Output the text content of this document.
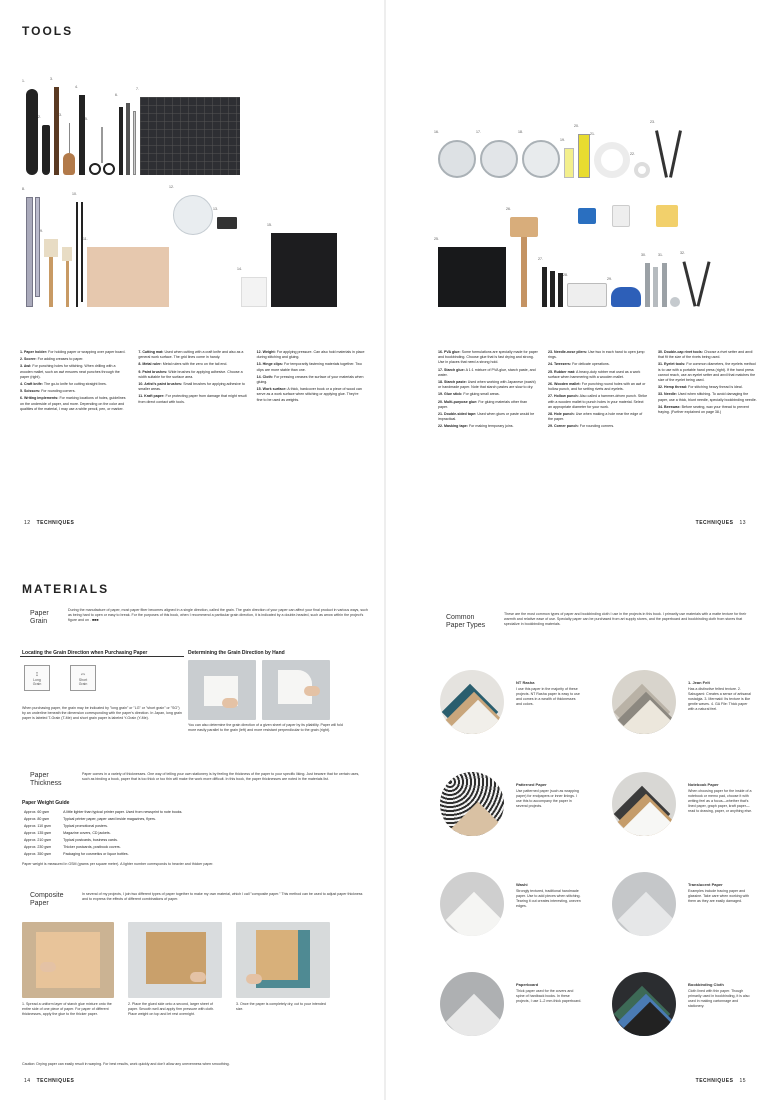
TOOLS
1.
2.
3.
3.
4.
5.
6.
7.
8.
9.
10.
11.
12.
13.
14.
15.
16.	17.	18.
19.
20.
21.
22.
23.
25.
26.
27.
28.
29.
30.	31.	32.

1. Paper holder: For holding paper or wrapping over paper board.

2. Scorer: For adding creases to paper.

3. Awl: For punching holes for stitching. When drilling with a wooden mallet, such an awl ensures neat punches through the paper (right).

4. Craft knife: The go-to knife for cutting straight lines.

5. Scissors: For rounding corners.

6. Writing implements: For marking locations of holes, guidelines on the underside of paper, and more. Depending on the color and qualities of the material, I may use a white pencil, pen, or marker.

7. Cutting mat: Used when cutting with a craft knife and also as a general work surface. The grid lines come in handy.

8. Metal ruler: Metal rulers with the zero on the tail end.

9. Paint brushes: Wide brushes for applying adhesive. Choose a width suitable for the surface area.

10. Artist's paint brushes: Small brushes for applying adhesive to smaller areas.

11. Kraft paper: For protecting paper from damage that might result from direct contact with tools.

12. Weight: For applying pressure. Can also hold materials in place during stitching and gluing.

13. Hinge clips: For temporarily fastening materials together. Two clips are more stable than one.

14. Cloth: For pressing creases the surface of your materials when gluing.

15. Work surface: A thick, hardcover book or a piece of wood can serve as a work surface when stitching or applying glue. They're fine to be used as weights.

16. PVA glue: Some formulations are specially made for paper and bookbinding. Choose glue that is fast drying and strong. Use in places that need a strong hold.

17. Starch glue: A 1:1 mixture of PVA glue, starch paste, and water.

18. Starch paste: Used when working with Japanese (washi) or handmade paper. Note that starch pastes are slow to dry.

19. Glue stick: For gluing small areas.

20. Multi-purpose glue: For gluing materials other than paper.

21. Double-sided tape: Used when glues or paste would be impractical.

22. Masking tape: For making temporary joins.

23. Needle-nose pliers: Use two in each hand to open jump rings.

24. Tweezers: For delicate operations.

25. Rubber mat: A heavy-duty rubber mat used as a work surface when hammering with a wooden mallet.

26. Wooden mallet: For punching round holes with an awl or hollow punch, and for setting rivets and eyelets.

27. Hollow punch: Also called a hammer-driven punch. Strike with a wooden mallet to punch holes in your material. Select an appropriate diameter for your work.

28. Hole punch: Use when making a hole near the edge of the paper.

29. Corner punch: For rounding corners.

30. Double-cap rivet tools: Choose a rivet setter and anvil that fit the size of the rivets being used.

31. Eyelet tools: For common diameters, the eyelets method is to use with a portable hand press (right). If the hand press cannot reach, use an eyelet setter and anvil that matches the size of the eyelet being used.

32. Hemp thread: For stitching heavy thread is ideal.

33. Needle: Used when stitching. To avoid damaging the paper, use a thick, blunt needle, specially bookbinding needle.

34. Beeswax: Before sewing, wax your thread to prevent fraying. (Further explained on page 38.)

12 TECHNIQUES	TECHNIQUES 13
MATERIALS
Paper
Grain
During the manufacture of paper, most paper fiber becomes aligned in a single direction, called the grain. The grain direction of your paper can affect your final product in various ways, such as being hard to open or easy to break. For the purposes of this book, when I recommend a particular grain direction, it is indicated by a double-headed, such as arrow within the project's figure and on . ■■■
Locating the Grain Direction when Purchasing Paper	Determining the Grain Direction by Hand
↕
Long
Grain
⇔
Short
Grain
When purchasing paper, the grain may be indicated by "long grain" or "LG" or "short grain" or "SG") by an underline beneath the dimension corresponding with the paper's direction. In Japan, long grain paper is labeled T-Grain (T-Me) and short grain paper is labeled Y-Grain (Y-Me).
You can also determine the grain direction of a given sheet of paper by its pliability. Paper will fold more easily parallel to the grain (left) and more resistant perpendicular to the grain (right).
Paper
Thickness
Paper comes in a variety of thicknesses. One way of telling your own stationery is by feeling the thickness of the paper to your specific liking. Just beware that for certain uses, such as binding a book, paper that is too thick or too thin will make the work more difficult. In this book, the paper thicknesses are noted in the materials list.
Paper Weight Guide
Approx. 60 gsm	A little lighter than typical printer paper. Used from newsprint to note books.
Approx. 80 gsm	Typical printer paper, paper used inside magazines, flyers.
Approx. 110 gsm	Typical promotional posters.
Approx. 135 gsm	Magazine covers, CD jackets.
Approx. 210 gsm	Typical postcards, business cards.
Approx. 230 gsm	Thicker postcards, postbook covers.
Approx. 350 gsm	Packaging for cosmetics or liquor bottles.
Paper weight is measured in GSM (grams per square meter). A lighter number corresponds to heavier and thicker paper.
Composite
Paper
In several of my projects, I join two different types of paper together to make my own material, which I call "composite paper." This method can be used to adjust paper thickness and to express the effects of different combinations of paper.
1. Spread a uniform layer of starch glue mixture onto the entire side of one piece of paper. For paper of different thicknesses, apply the glue to the thicker paper.
2. Place the glued side onto a second, larger sheet of paper. Smooth well and apply firm pressure with cloth. Place weight on top and let rest overnight.
3. Once the paper is completely dry, cut to your intended size.
Caution: Drying paper can easily result in warping. For best results, work quickly and don't allow any unevenness when smoothing.
Common
Paper Types
These are the most common types of paper and bookbinding cloth I use in the projects in this book. I primarily use materials with a matte texture for their warmth and relative ease of use. Specialty paper can be purchased from art supply stores, and the paperboard and bookbinding cloth from stores that specialize in bookbinding materials.
NT Rasha
I use this paper in the majority of these projects. NT Rasha paper is easy to use and comes in a wealth of thicknesses and colors.
Patterned Paper
Use patterned paper (such as wrapping paper) for endpapers or inner linings. I use this to accompany the paper in several projects.
Washi
Strongly textured, traditional handmade paper. Use to add pieces when stitching. Tearing it out creates interesting, uneven edges.
Paperboard
Thick paper used for the covers and spine of hardback books. In these projects, I use 1–2 mm-thick paperboard.
1. Jean Felt
Has a distinctive felted texture. 2. Sabugami: Creates a sense of artisanal nostalgia. 3. Mermaid: Its texture is like gentle waves. 4. GA File: Thick paper with a natural feel.
Notebook Paper
When choosing paper for the inside of a notebook or memo pad, choose it with writing feel as a focus—whether that's lined paper, graph paper, kraft paper—read to drawing, paper, or anything else.
Translucent Paper
Examples include tracing paper and glassine. Take care when working with them as they are easily damaged.
Bookbinding Cloth
Cloth lined with thin paper. Though primarily used in bookbinding, it is also used in making cartonnage and stationery.
14 TECHNIQUES	TECHNIQUES 15
